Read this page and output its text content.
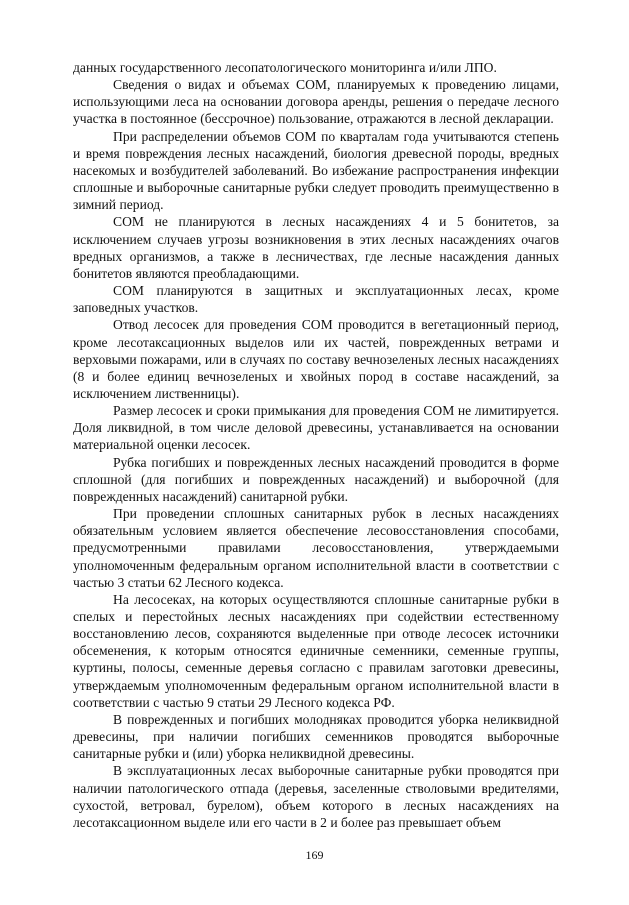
данных государственного лесопатологического мониторинга и/или ЛПО.

Сведения о видах и объемах СОМ, планируемых к проведению лицами, использующими леса на основании договора аренды, решения о передаче лесного участка в постоянное (бессрочное) пользование, отражаются в лесной декларации.

При распределении объемов СОМ по кварталам года учитываются степень и время повреждения лесных насаждений, биология древесной породы, вредных насекомых и возбудителей заболеваний. Во избежание распространения инфекции сплошные и выборочные санитарные рубки следует проводить преимущественно в зимний период.

СОМ не планируются в лесных насаждениях 4 и 5 бонитетов, за исключением случаев угрозы возникновения в этих лесных насаждениях очагов вредных организмов, а также в лесничествах, где лесные насаждения данных бонитетов являются преобладающими.

СОМ планируются в защитных и эксплуатационных лесах, кроме заповедных участков.

Отвод лесосек для проведения СОМ проводится в вегетационный период, кроме лесотаксационных выделов или их частей, поврежденных ветрами и верховыми пожарами, или в случаях по составу вечнозеленых лесных насаждениях (8 и более единиц вечнозеленых и хвойных пород в составе насаждений, за исключением лиственницы).

Размер лесосек и сроки примыкания для проведения СОМ не лимитируется. Доля ликвидной, в том числе деловой древесины, устанавливается на основании материальной оценки лесосек.

Рубка погибших и поврежденных лесных насаждений проводится в форме сплошной (для погибших и поврежденных насаждений) и выборочной (для поврежденных насаждений) санитарной рубки.

При проведении сплошных санитарных рубок в лесных насаждениях обязательным условием является обеспечение лесовосстановления способами, предусмотренными правилами лесовосстановления, утверждаемыми уполномоченным федеральным органом исполнительной власти в соответствии с частью 3 статьи 62 Лесного кодекса.

На лесосеках, на которых осуществляются сплошные санитарные рубки в спелых и перестойных лесных насаждениях при содействии естественному восстановлению лесов, сохраняются выделенные при отводе лесосек источники обсеменения, к которым относятся единичные семенники, семенные группы, куртины, полосы, семенные деревья согласно с правилам заготовки древесины, утверждаемым уполномоченным федеральным органом исполнительной власти в соответствии с частью 9 статьи 29 Лесного кодекса РФ.

В поврежденных и погибших молодняках проводится уборка неликвидной древесины, при наличии погибших семенников проводятся выборочные санитарные рубки и (или) уборка неликвидной древесины.

В эксплуатационных лесах выборочные санитарные рубки проводятся при наличии патологического отпада (деревья, заселенные стволовыми вредителями, сухостой, ветровал, бурелом), объем которого в лесных насаждениях на лесотаксационном выделе или его части в 2 и более раз превышает объем

169
